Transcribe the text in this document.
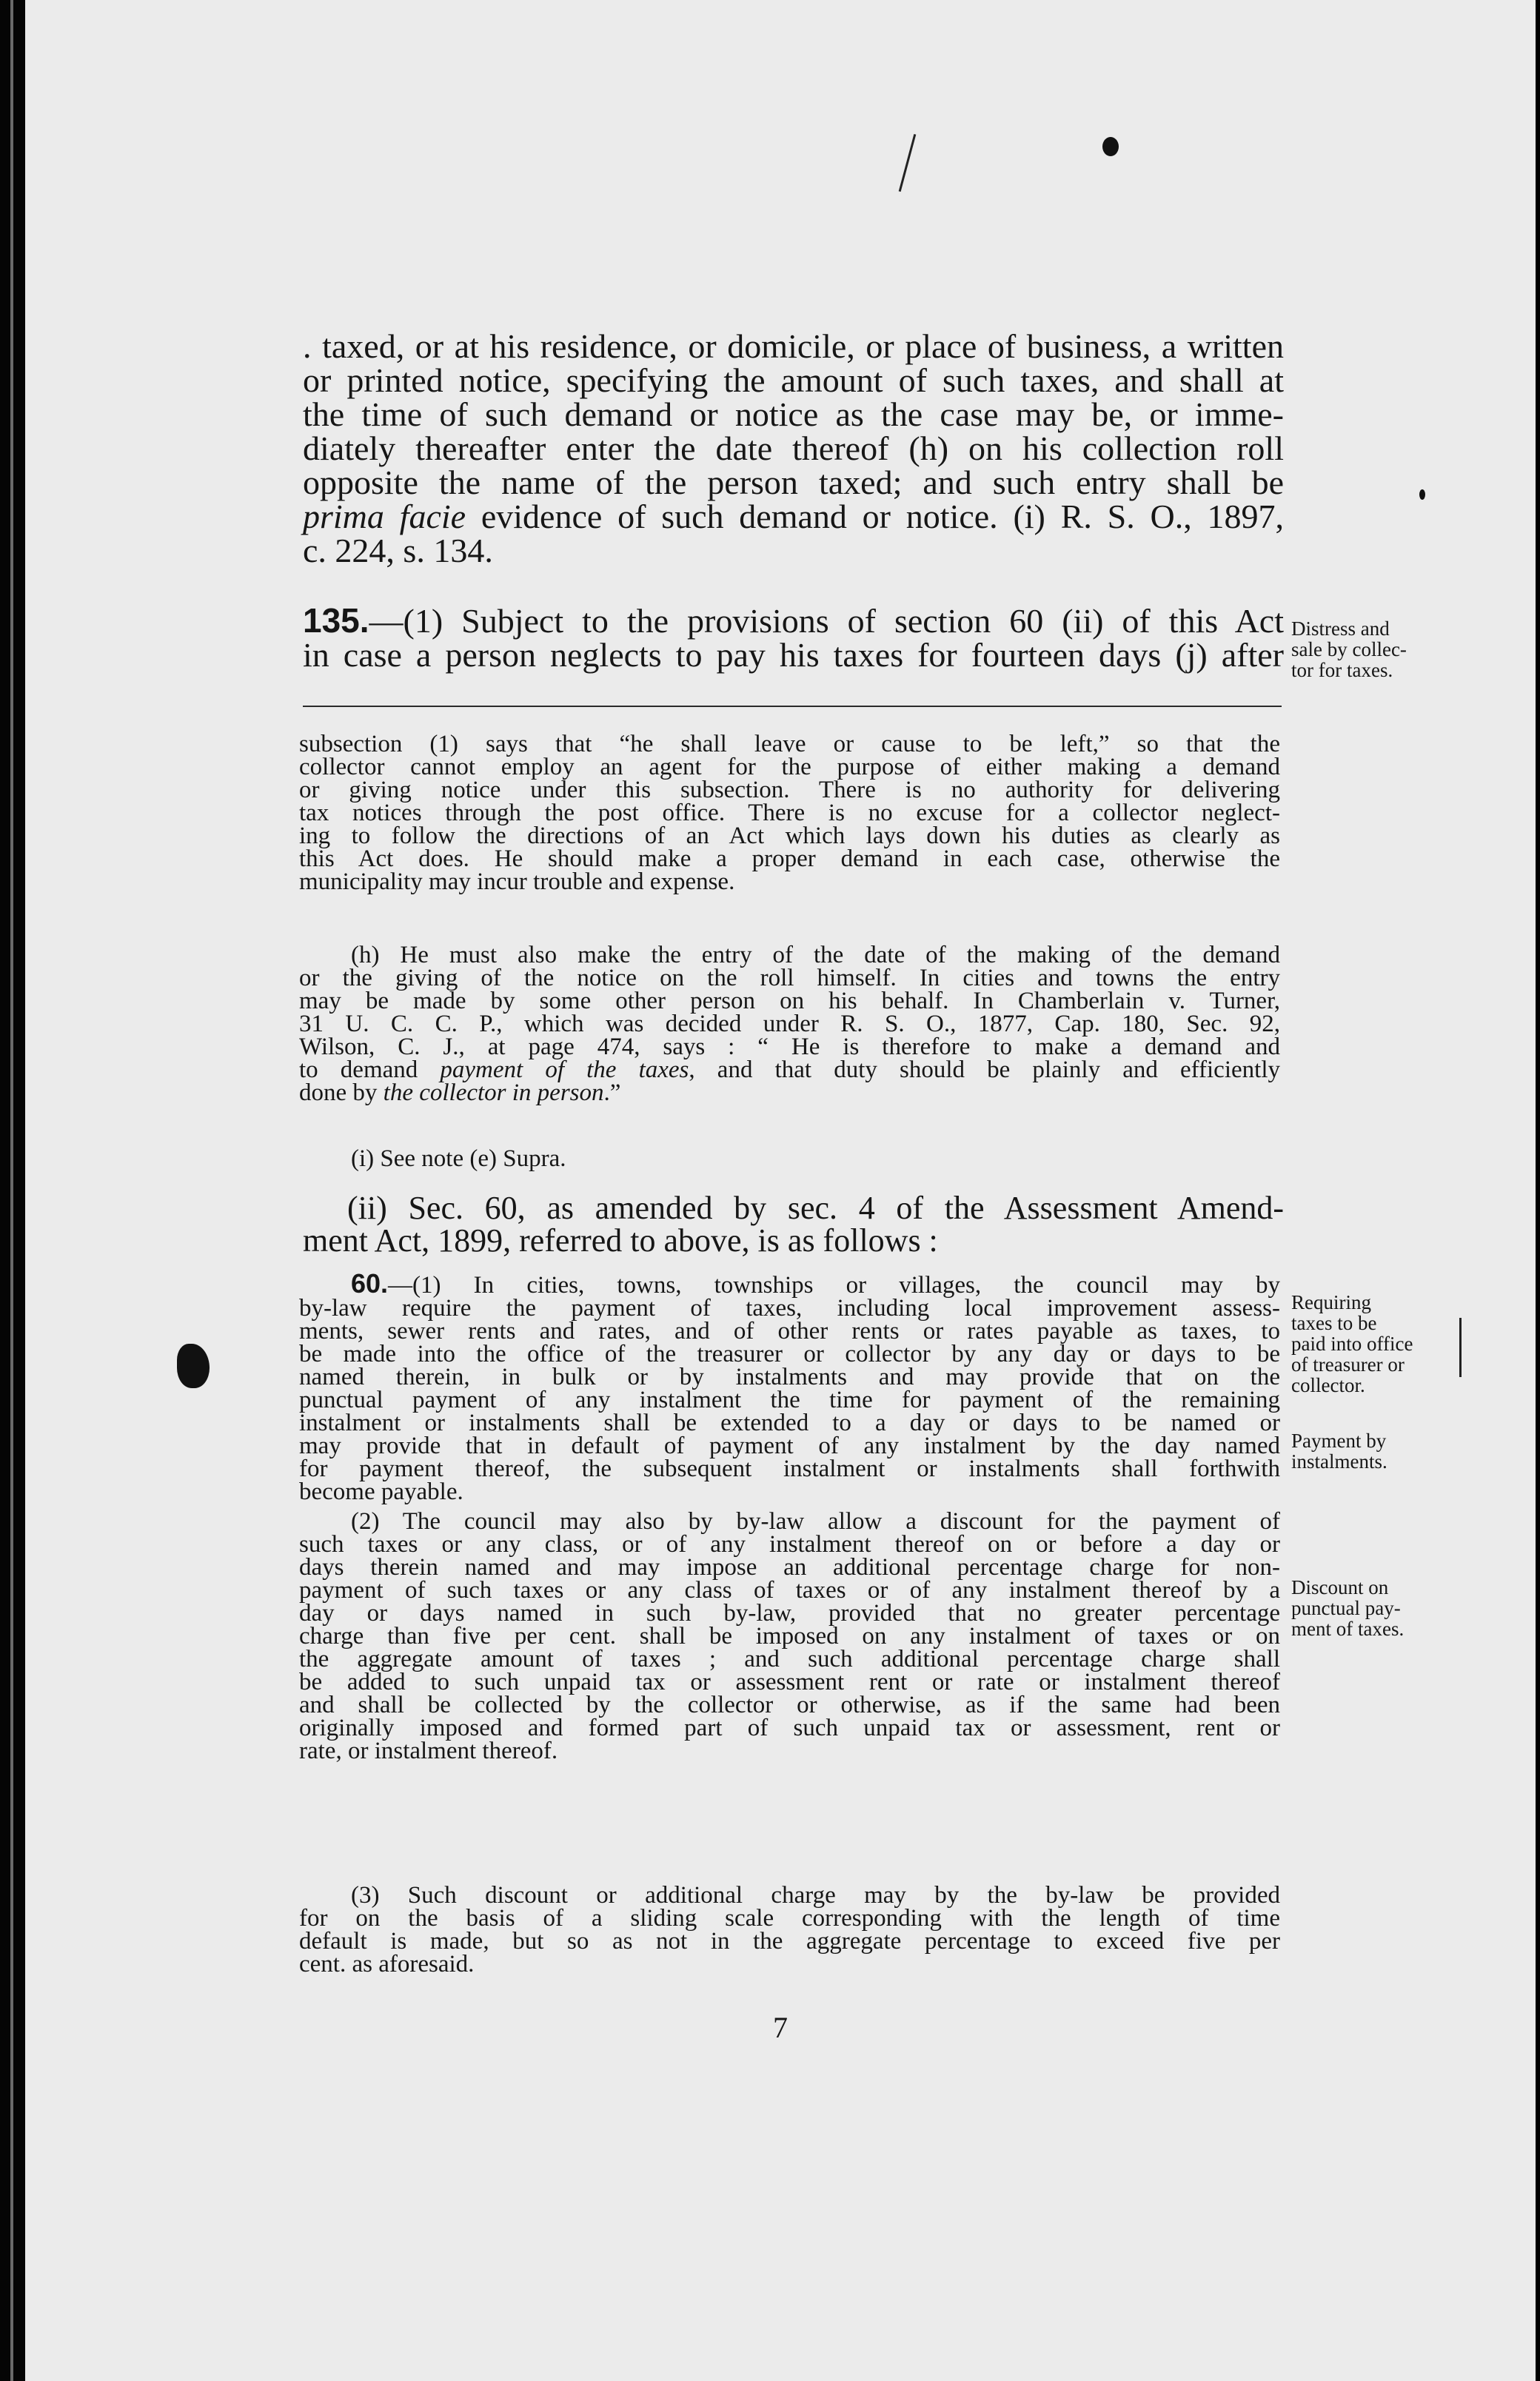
. taxed, or at his residence, or domicile, or place of business, a written
or printed notice, specifying the amount of such taxes, and shall at
the time of such demand or notice as the case may be, or imme-
diately thereafter enter the date thereof (h) on his collection roll
opposite the name of the person taxed; and such entry shall be
prima facie evidence of such demand or notice. (i) R. S. O., 1897,
c. 224, s. 134.
135.—(1) Subject to the provisions of section 60 (ii) of this Act
in case a person neglects to pay his taxes for fourteen days (j) after
Distress and
sale by collec-
tor for taxes.
subsection (1) says that “he shall leave or cause to be left,” so that the
collector cannot employ an agent for the purpose of either making a demand
or giving notice under this subsection. There is no authority for delivering
tax notices through the post office. There is no excuse for a collector neglect-
ing to follow the directions of an Act which lays down his duties as clearly as
this Act does. He should make a proper demand in each case, otherwise the
municipality may incur trouble and expense.
(h) He must also make the entry of the date of the making of the demand
or the giving of the notice on the roll himself. In cities and towns the entry
may be made by some other person on his behalf. In Chamberlain v. Turner,
31 U. C. C. P., which was decided under R. S. O., 1877, Cap. 180, Sec. 92,
Wilson, C. J., at page 474, says : “ He is therefore to make a demand and
to demand payment of the taxes, and that duty should be plainly and efficiently
done by the collector in person.”
(i) See note (e) Supra.
(ii) Sec. 60, as amended by sec. 4 of the Assessment Amend-
ment Act, 1899, referred to above, is as follows :
60.—(1) In cities, towns, townships or villages, the council may by
by-law require the payment of taxes, including local improvement assess-
ments, sewer rents and rates, and of other rents or rates payable as taxes, to
be made into the office of the treasurer or collector by any day or days to be
named therein, in bulk or by instalments and may provide that on the
punctual payment of any instalment the time for payment of the remaining
instalment or instalments shall be extended to a day or days to be named or
may provide that in default of payment of any instalment by the day named
for payment thereof, the subsequent instalment or instalments shall forthwith
become payable.
Requiring
taxes to be
paid into office
of treasurer or
collector.
Payment by
instalments.
(2) The council may also by by-law allow a discount for the payment of
such taxes or any class, or of any instalment thereof on or before a day or
days therein named and may impose an additional percentage charge for non-
payment of such taxes or any class of taxes or of any instalment thereof by a
day or days named in such by-law, provided that no greater percentage
charge than five per cent. shall be imposed on any instalment of taxes or on
the aggregate amount of taxes ; and such additional percentage charge shall
be added to such unpaid tax or assessment rent or rate or instalment thereof
and shall be collected by the collector or otherwise, as if the same had been
originally imposed and formed part of such unpaid tax or assessment, rent or
rate, or instalment thereof.
Discount on
punctual pay-
ment of taxes.
(3) Such discount or additional charge may by the by-law be provided
for on the basis of a sliding scale corresponding with the length of time
default is made, but so as not in the aggregate percentage to exceed five per
cent. as aforesaid.
7
